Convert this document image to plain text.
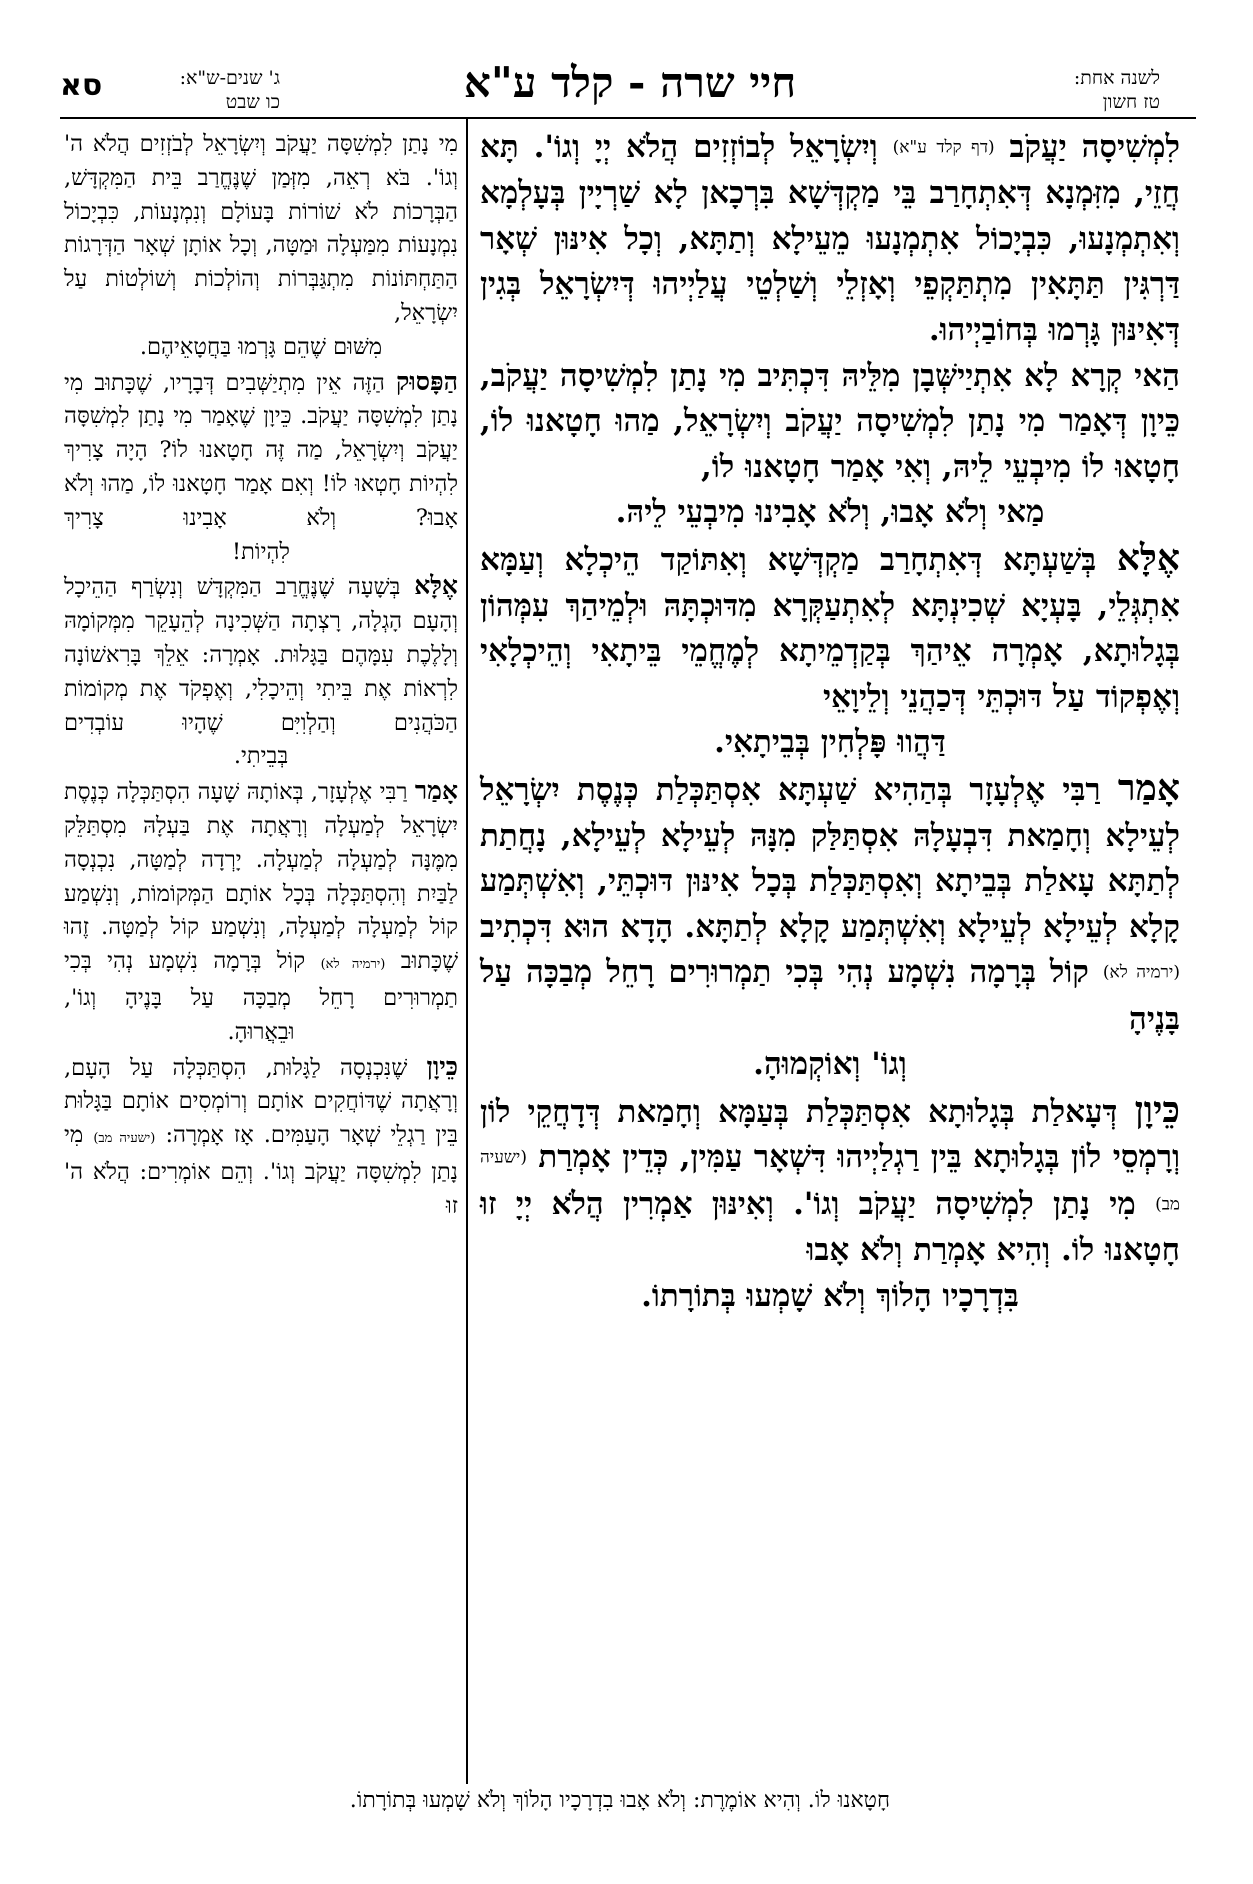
סא	ג' שנים-ש"א:
כו שבט	חיי שרה - קלד ע"א	לשנה אחת:
טז חשון

לִמְשִׁיסָה יַעֲקֹב (דף קלד ע"א) וְיִשְׂרָאֵל לְבוֹזְזִים הֲלֹא יְיָ וְגוֹ'. תָּא חֲזֵי, מִזִּמְנָא דְּאִתְחָרַב בֵּי מַקְדְּשָׁא בִּרְכָאן לָא שַׁרְיָין בְּעָלְמָא וְאִתְמְנָעוּ, כִּבְיָכוֹל אִתְמְנָעוּ מֵעֵילָא וְתַתָּא, וְכָל אִינּוּן שְׁאָר דַּרְגִּין תַּתָּאִין מִתְתַּקְפֵי וְאָזְלֵי וְשַׁלְטֵי עֲלַיְיהוּ דְּיִשְׂרָאֵל בְּגִין דְּאִינּוּן גָּרְמוּ בְּחוֹבַיְיהוּ.

הַאי קְרָא לָא אִתְיַישְּׁבָן מִלֵּיהּ דִּכְתִּיב מִי נָתַן לִמְשִׁיסָה יַעֲקֹב, כֵּיוָן דְּאָמַר מִי נָתַן לִמְשִׁיסָה יַעֲקֹב וְיִשְׂרָאֵל, מַהוּ חָטָאנוּ לוֹ, חָטָאוּ לוֹ מִיבְעֵי לֵיהּ, וְאִי אָמַר חָטָאנוּ לוֹ,

מַאי וְלֹא אָבוּ, וְלֹא אָבִינוּ מִיבְעֵי לֵיהּ.

אֶלָּא בְּשַׁעְתָּא דְּאִתְחָרַב מַקְדְּשָׁא וְאִתּוֹקַד הֵיכְלָא וְעַמָּא אִתְגְּלֵי, בָּעְיָא שְׁכִינְתָּא לְאִתְעַקְּרָא מִדּוּכְתָּהּ וּלְמֵיהַךְ עִמְּהוֹן בְּגָלוּתָא, אָמְרָה אֵיהַךְ בְּקַדְמֵיתָא לְמֶחֱמֵי בֵּיתָאִי וְהֵיכְלָאִי וְאֶפְקוֹד עַל דּוּכְתֵּי דְּכַהֲנֵי וְלֵיוָאֵי

דַּהֲווּ פָּלְחִין בְּבֵיתָאִי.

אָמַר רַבִּי אֶלְעָזָר בְּהַהִיא שַׁעְתָּא אִסְתַּכְּלַת כְּנֶסֶת יִשְׂרָאֵל לְעֵילָא וְחָמַאת דִּבְעָלָהּ אִסְתַּלַּק מִנָּהּ לְעֵילָא לְעֵילָא, נָחֲתַת לְתַתָּא עָאלַת בְּבֵיתָא וְאִסְתַּכְּלַת בְּכָל אִינּוּן דּוּכְתֵּי, וְאִשְׁתְּמַע קָלָא לְעֵילָא לְעֵילָא וְאִשְׁתְּמַע קָלָא לְתַתָּא. הָדָא הוּא דִּכְתִיב (ירמיה לא) קוֹל בְּרָמָה נִשְׁמָע נְהִי בְּכִי תַמְרוּרִים רָחֵל מְבַכָּה עַל בָּנֶיהָ

וְגוֹ' וְאוֹקְמוּהָ.

כֵּיוָן דְּעָאלַת בְּגָלוּתָא אִסְתַּכְּלַת בְּעַמָּא וְחָמַאת דְּדָחֲקֵי לוֹן וְרָמְסֵי לוֹן בְּגָלוּתָא בֵּין רַגְלַיְיהוּ דִּשְׁאָר עַמִּין, כְּדֵין אָמְרַת (ישעיה מב) מִי נָתַן לִמְשִׁיסָה יַעֲקֹב וְגוֹ'. וְאִינּוּן אַמְרִין הֲלֹא יְיָ זוּ חָטָאנוּ לוֹ. וְהִיא אָמְרַת וְלֹא אָבוּ

בִּדְרָכָיו הָלוֹךְ וְלֹא שָׁמְעוּ בְּתוֹרָתוֹ.

מִי נָתַן לִמְשִׁסָּה יַעֲקֹב וְיִשְׂרָאֵל לְבֹזְזִים הֲלֹא ה' וְגוֹ'. בֹּא רְאֵה, מִזְּמַן שֶׁנֶּחֱרַב בֵּית הַמִּקְדָּשׁ, הַבְּרָכוֹת לֹא שׁוֹרוֹת בָּעוֹלָם וְנִמְנָעוֹת, כִּבְיָכוֹל נִמְנָעוֹת מִמַּעְלָה וּמַטָּה, וְכָל אוֹתָן שְׁאָר הַדְּרָגוֹת הַתַּחְתּוֹנוֹת מִתְגַּבְּרוֹת וְהוֹלְכוֹת וְשׁוֹלְטוֹת עַל יִשְׂרָאֵל,

מִשּׁוּם שֶׁהֵם גָּרְמוּ בַּחֲטָאֵיהֶם.

הַפָּסוּק הַזֶּה אֵין מִתְיַשְּׁבִים דְּבָרָיו, שֶׁכָּתוּב מִי נָתַן לִמְשִׁסָּה יַעֲקֹב. כֵּיוָן שֶׁאָמַר מִי נָתַן לִמְשִׁסָּה יַעֲקֹב וְיִשְׂרָאֵל, מַה זֶּה חָטָאנוּ לוֹ? הָיָה צָרִיךְ לִהְיוֹת חָטְאוּ לוֹ! וְאִם אָמַר חָטָאנוּ לוֹ, מַהוּ וְלֹא אָבוּ? וְלֹא אָבִינוּ צָרִיךְ

לִהְיוֹת!

אֶלָּא בְּשָׁעָה שֶׁנֶּחֱרַב הַמִּקְדָּשׁ וְנִשְׂרַף הַהֵיכָל וְהָעָם הָגְלָה, רָצְתָה הַשְּׁכִינָה לְהֵעָקֵר מִמְּקוֹמָהּ וְלָלֶכֶת עִמָּהֶם בַּגָּלוּת. אָמְרָה: אֵלֵךְ בָּרִאשׁוֹנָה לִרְאוֹת אֶת בֵּיתִי וְהֵיכָלִי, וְאֶפְקֹד אֶת מְקוֹמוֹת הַכֹּהֲנִים וְהַלְוִיִּם שֶׁהָיוּ עוֹבְדִים

בְּבֵיתִי.

אָמַר רַבִּי אֶלְעָזָר, בְּאוֹתָהּ שָׁעָה הִסְתַּכְּלָה כְּנֶסֶת יִשְׂרָאֵל לְמַעְלָה וְרָאֲתָה אֶת בַּעְלָהּ מִסְתַּלֵּק מִמֶּנָּה לְמַעְלָה לְמַעְלָה. יָרְדָה לְמַטָּה, נִכְנְסָה לַבַּיִת וְהִסְתַּכְּלָה בְּכָל אוֹתָם הַמְּקוֹמוֹת, וְנִשְׁמַע קוֹל לְמַעְלָה לְמַעְלָה, וְנִשְׁמַע קוֹל לְמַטָּה. זֶהוּ שֶׁכָּתוּב (ירמיה לא) קוֹל בְּרָמָה נִשְׁמָע נְהִי בְּכִי תַמְרוּרִים רָחֵל מְבַכָּה עַל בָּנֶיהָ וְגוֹ',

וּבֵאֲרוּהָ.

כֵּיוָן שֶׁנִּכְנְסָה לַגָּלוּת, הִסְתַּכְּלָה עַל הָעָם, וְרָאֲתָה שֶׁדּוֹחֲקִים אוֹתָם וְרוֹמְסִים אוֹתָם בַּגָּלוּת בֵּין רַגְלֵי שְׁאָר הָעַמִּים. אָז אָמְרָה: (ישעיה מב) מִי נָתַן לִמְשִׁסָּה יַעֲקֹב וְגוֹ'. וְהֵם אוֹמְרִים: הֲלֹא ה' זוּ

חָטָאנוּ לוֹ. וְהִיא אוֹמֶרֶת: וְלֹא אָבוּ בִדְרָכָיו הָלוֹךְ וְלֹא שָׁמְעוּ בְּתוֹרָתוֹ.
